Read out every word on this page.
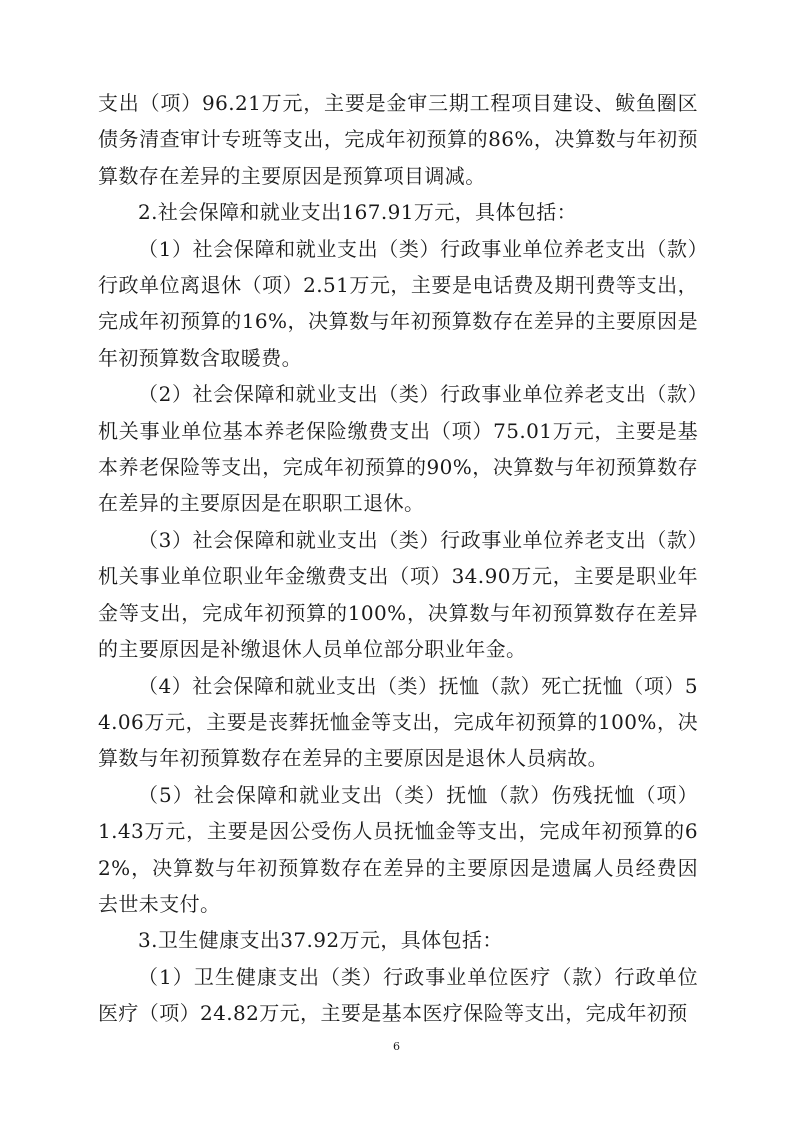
支出（项）96.21万元，主要是金审三期工程项目建设、鲅鱼圈区债务清查审计专班等支出，完成年初预算的86%，决算数与年初预算数存在差异的主要原因是预算项目调减。

2.社会保障和就业支出167.91万元，具体包括：

（1）社会保障和就业支出（类）行政事业单位养老支出（款）行政单位离退休（项）2.51万元，主要是电话费及期刊费等支出，完成年初预算的16%，决算数与年初预算数存在差异的主要原因是年初预算数含取暖费。

（2）社会保障和就业支出（类）行政事业单位养老支出（款）机关事业单位基本养老保险缴费支出（项）75.01万元，主要是基本养老保险等支出，完成年初预算的90%，决算数与年初预算数存在差异的主要原因是在职职工退休。

（3）社会保障和就业支出（类）行政事业单位养老支出（款）机关事业单位职业年金缴费支出（项）34.90万元，主要是职业年金等支出，完成年初预算的100%，决算数与年初预算数存在差异的主要原因是补缴退休人员单位部分职业年金。

（4）社会保障和就业支出（类）抚恤（款）死亡抚恤（项）54.06万元，主要是丧葬抚恤金等支出，完成年初预算的100%，决算数与年初预算数存在差异的主要原因是退休人员病故。

（5）社会保障和就业支出（类）抚恤（款）伤残抚恤（项）1.43万元，主要是因公受伤人员抚恤金等支出，完成年初预算的62%，决算数与年初预算数存在差异的主要原因是遗属人员经费因去世未支付。

3.卫生健康支出37.92万元，具体包括：

（1）卫生健康支出（类）行政事业单位医疗（款）行政单位医疗（项）24.82万元，主要是基本医疗保险等支出，完成年初预

6
